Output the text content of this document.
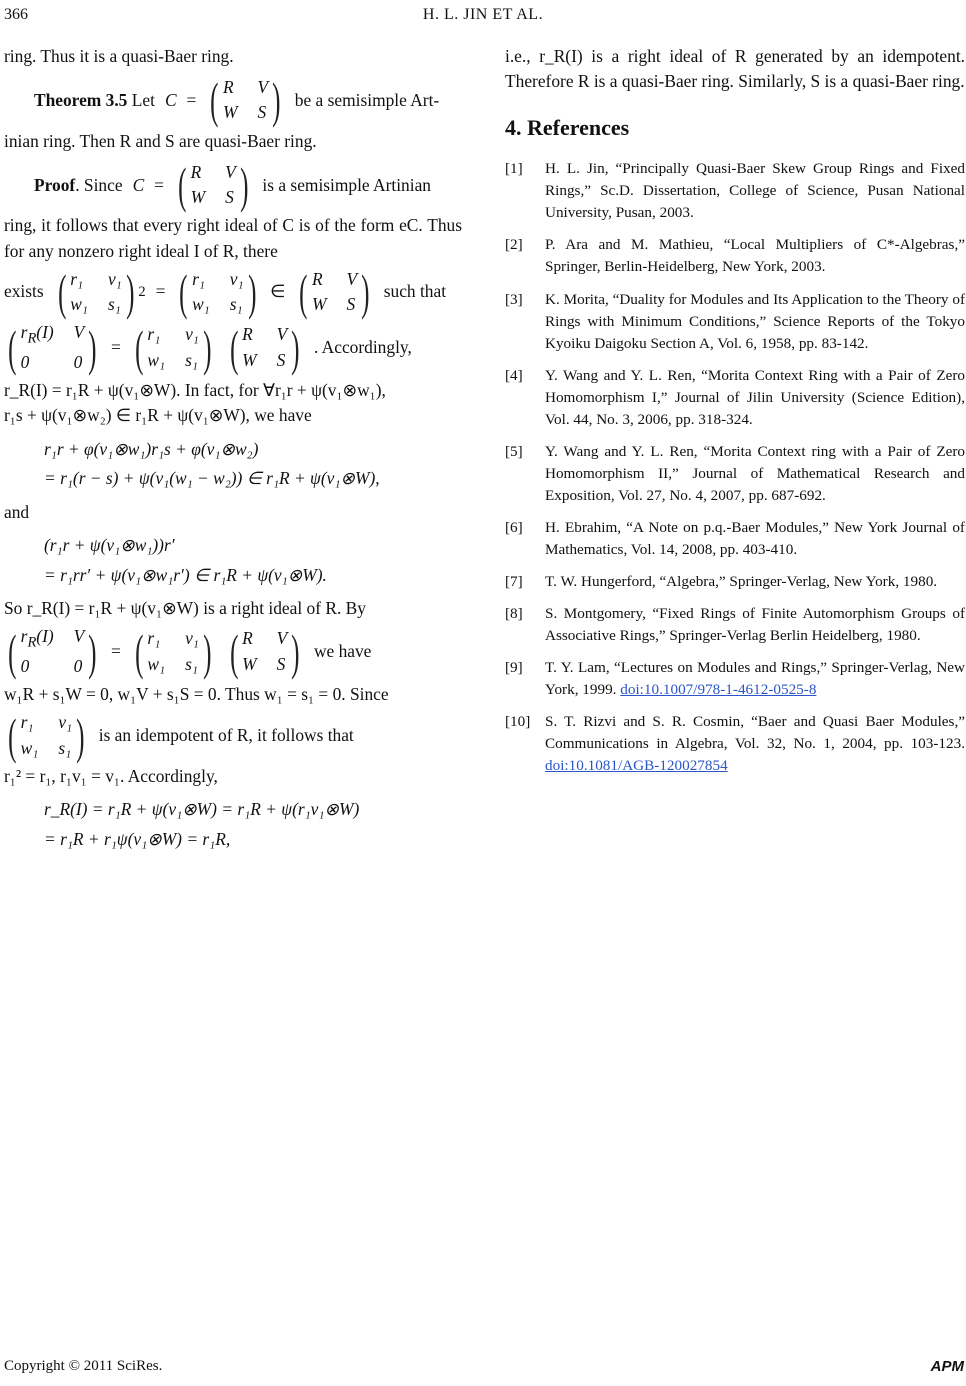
366	H. L. JIN ET AL.

ring. Thus it is a quasi-Baer ring.

Theorem 3.5 Let C = ( R V
W S ) be a semisimple Art-

inian ring. Then R and S are quasi-Baer ring.

Proof. Since C = ( R V
W S ) is a semisimple Artinian

ring, it follows that every right ideal of C is of the form eC. Thus for any nonzero right ideal I of R, there

exists ( r₁ v₁
w₁ s₁ ) 2 = ( r₁ v₁
w₁ s₁ ) ∈ ( R V
W S ) such that
( $r_R(I)$ V
0	0 ) = ( r₁ v₁
w₁ s₁ ) ( R V
W S ) . Accordingly,

r_R(I) = r₁R + ψ(v₁⊗W). In fact, for ∀r₁r + ψ(v₁⊗w₁),

r₁s + ψ(v₁⊗w₂) ∈ r₁R + ψ(v₁⊗W), we have

r₁r + φ(v₁⊗w₁)r₁s + φ(v₁⊗w₂)
= r₁(r − s) + ψ(v₁(w₁ − w₂)) ∈ r₁R + ψ(v₁⊗W),

and

(r₁r + ψ(v₁⊗w₁))r′
= r₁rr′ + ψ(v₁⊗w₁r′) ∈ r₁R + ψ(v₁⊗W).

So r_R(I) = r₁R + ψ(v₁⊗W) is a right ideal of R. By

( $r_R(I)$ V
0	0 ) = ( r₁ v₁
w₁ s₁ ) ( R V
W S ) we have

w₁R + s₁W = 0, w₁V + s₁S = 0. Thus w₁ = s₁ = 0. Since

( r₁ v₁
w₁ s₁ ) is an idempotent of R, it follows that

r₁² = r₁, r₁v₁ = v₁. Accordingly,

r_R(I) = r₁R + ψ(v₁⊗W) = r₁R + ψ(r₁v₁⊗W)
= r₁R + r₁ψ(v₁⊗W) = r₁R,

i.e., r_R(I) is a right ideal of R generated by an idempotent. Therefore R is a quasi-Baer ring. Similarly, S is a quasi-Baer ring.

4. References
[1]	H. L. Jin, “Principally Quasi-Baer Skew Group Rings and Fixed Rings,” Sc.D. Dissertation, College of Science, Pusan National University, Pusan, 2003.
[2]	P. Ara and M. Mathieu, “Local Multipliers of C*-Algebras,” Springer, Berlin-Heidelberg, New York, 2003.
[3]	K. Morita, “Duality for Modules and Its Application to the Theory of Rings with Minimum Conditions,” Science Reports of the Tokyo Kyoiku Daigoku Section A, Vol. 6, 1958, pp. 83-142.
[4]	Y. Wang and Y. L. Ren, “Morita Context Ring with a Pair of Zero Homomorphism I,” Journal of Jilin University (Science Edition), Vol. 44, No. 3, 2006, pp. 318-324.
[5]	Y. Wang and Y. L. Ren, “Morita Context ring with a Pair of Zero Homomorphism II,” Journal of Mathematical Research and Exposition, Vol. 27, No. 4, 2007, pp. 687-692.
[6]	H. Ebrahim, “A Note on p.q.-Baer Modules,” New York Journal of Mathematics, Vol. 14, 2008, pp. 403-410.
[7]	T. W. Hungerford, “Algebra,” Springer-Verlag, New York, 1980.
[8]	S. Montgomery, “Fixed Rings of Finite Automorphism Groups of Associative Rings,” Springer-Verlag Berlin Heidelberg, 1980.
[9]	T. Y. Lam, “Lectures on Modules and Rings,” Springer-Verlag, New York, 1999. doi:10.1007/978-1-4612-0525-8
[10] S. T. Rizvi and S. R. Cosmin, “Baer and Quasi Baer Modules,” Communications in Algebra, Vol. 32, No. 1, 2004, pp. 103-123. doi:10.1081/AGB-120027854
Copyright © 2011 SciRes.	APM
